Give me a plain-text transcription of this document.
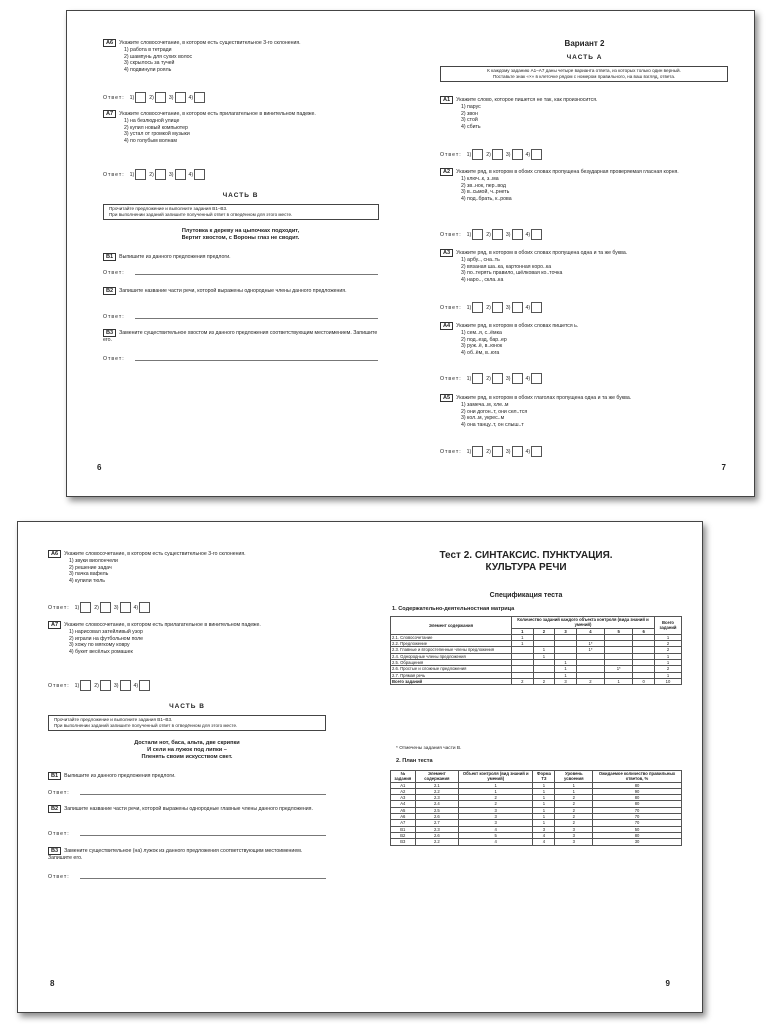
А6 Укажите словосочетание, в котором есть существительное 3-го склонения.
1) работа в тетради
2) шампунь для сухих волос
3) скрылось за тучей
4) подвинули рояль
Ответ: 1)	2)	3)	4)
А7 Укажите словосочетание, в котором есть прилагательное в винительном падеже.
1) на безлюдной улице
2) купил новый компьютер
3) устал от громкой музыки
4) по голубым волнам
Ответ: 1)	2)	3)	4)
ЧАСТЬ В
Прочитайте предложение и выполните задания В1–В3.
При выполнении заданий запишите полученный ответ в отведённом для этого месте.
Плутовка к дереву на цыпочках подходит,
Вертит хвостом, с Вороны глаз не сводит.
В1 Выпишите из данного предложения предлоги.
Ответ:
В2 Запишите название части речи, которой выражены однородные члены данного предложения.
Ответ:
В3 Замените существительное хвостом из данного предложения соответствующим местоимением. Запишите его.
Ответ:
6
Вариант 2
ЧАСТЬ А
К каждому заданию А1–А7 даны четыре варианта ответа, из которых только один верный.
Поставьте знак «×» в клеточке рядом с номером правильного, на ваш взгляд, ответа.
А1 Укажите слово, которое пишется не так, как произносится.
1) парус
2) звон
3) стой
4) сбить
Ответ: 1)	2)	3)	4)
А2 Укажите ряд, в котором в обоих словах пропущена безударная проверяемая гласная корня.
1) ключ..к, з..ма
2) зв..нок, пер..вод
3) в..сьмой, ч..рнеть
4) под..брать, к..рова
Ответ: 1)	2)	3)	4)
А3 Укажите ряд, в котором в обоих словах пропущена одна и та же буква.
1) арбу.., сна..ть
2) вязаная ша..ка, картонная коро..ка
3) по..терять правило, шёлковая ко..точка
4) наро.., скла..ка
Ответ: 1)	2)	3)	4)
А4 Укажите ряд, в котором в обоих словах пишется ь.
1) сем..я, с..ёмка
2) под..езд, бар..ер
3) руж..ё, в..юнок
4) об..ём, в..юга
Ответ: 1)	2)	3)	4)
А5 Укажите ряд, в котором в обоих глаголах пропущена одна и та же буква.
1) замеча..м, хле..м
2) они догон..т, они сел..тся
3) кол..м, укрес..м
4) она танцу..т, он слыш..т
Ответ: 1)	2)	3)	4)
7
А6 Укажите словосочетание, в котором есть существительное 3-го склонения.
1) звуки виолончели
2) решение задач
3) пачка вафель
4) купили тюль
Ответ: 1)	2)	3)	4)
А7 Укажите словосочетание, в котором есть прилагательное в винительном падеже.
1) нарисовал затейливый узор
2) играли на футбольном поле
3) хожу по мягкому ковру
4) букет весёлых ромашек
Ответ: 1)	2)	3)	4)
ЧАСТЬ В
Прочитайте предложение и выполните задания В1–В3.
При выполнении заданий запишите полученный ответ в отведённом для этого месте.
Достали нот, баса, альта, две скрипки
И сели на лужок под липки –
Пленять своим искусством свет.
В1 Выпишите из данного предложения предлоги.
Ответ:
В2 Запишите название части речи, которой выражены однородные главные члены данного предложения.
Ответ:
В3 Замените существительное (на) лужок из данного предложения соответствующим местоимением. Запишите его.
Ответ:
8
Тест 2. СИНТАКСИС. ПУНКТУАЦИЯ.
КУЛЬТУРА РЕЧИ
Спецификация теста
1. Содержательно-деятельностная матрица
Элемент содержания	Количество заданий каждого объекта контроля (вида знаний и умений)						Всего заданий
	1	2	3	4	5	6	
2.1. Словосочетание	1						1
2.2. Предложение	1			1*			2
2.3. Главные и второстепенные члены предложения		1		1*			2
2.4. Однородные члены предложения		1					1
2.5. Обращения			1				1
2.6. Простые и сложные предложения			1		1*		2
2.7. Прямая речь			1				1
Всего заданий	2	2	3	2	1	0	10
* Отмечены задания части В.
2. План теста
№ задания	Элемент содержания	Объект контроля (вид знаний и умений)	Форма ТЗ	Уровень усвоения	Ожидаемое количество правильных ответов, %
А1	2.1	1	1	1	80
А2	2.2	1	1	1	90
А3	2.3	2	1	2	80
А4	2.4	2	1	2	80
А5	2.5	3	1	2	70
А6	2.6	3	1	2	70
А7	2.7	3	1	2	70
В1	2.3	4	3	3	50
В2	2.6	5	4	3	80
В3	2.2	4	4	3	30
9
